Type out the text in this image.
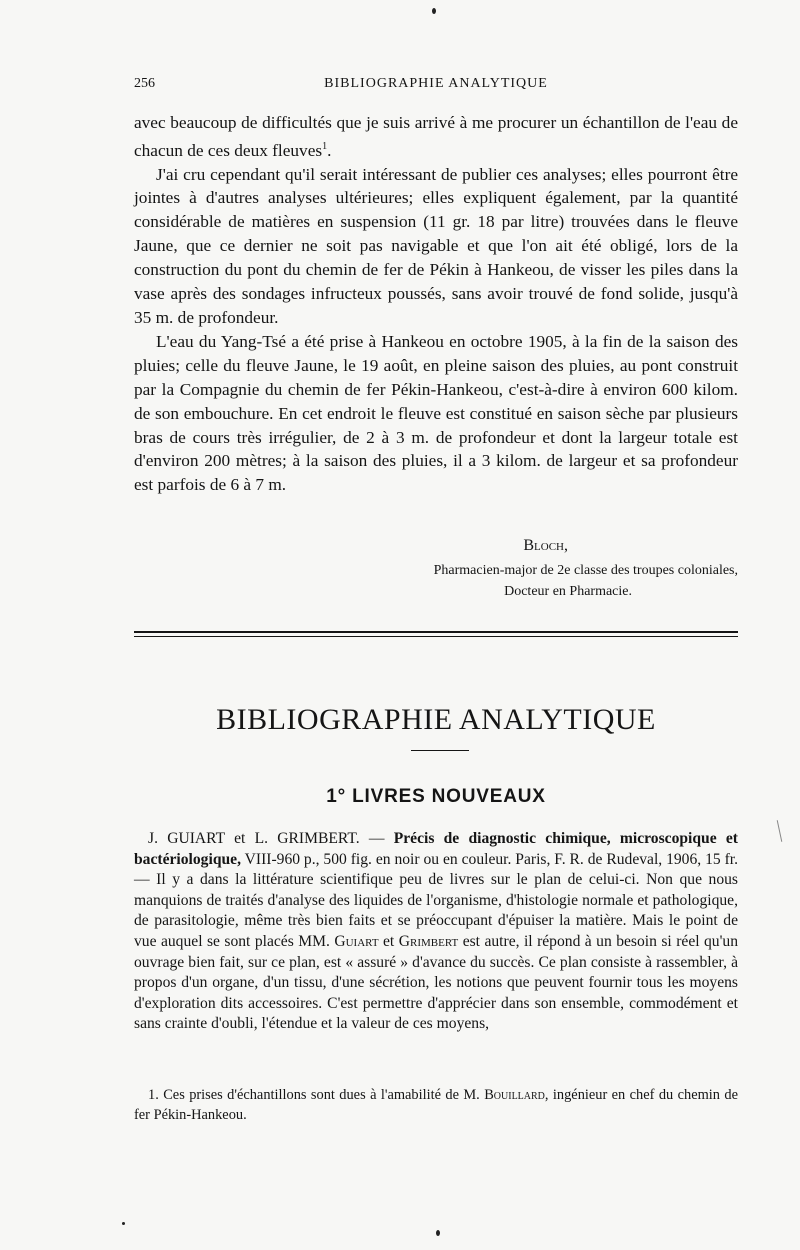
256	BIBLIOGRAPHIE ANALYTIQUE

avec beaucoup de difficultés que je suis arrivé à me procurer un échantillon de l'eau de chacun de ces deux fleuves$^1$.

J'ai cru cependant qu'il serait intéressant de publier ces analyses; elles pourront être jointes à d'autres analyses ultérieures; elles expliquent également, par la quantité considérable de matières en suspension (11 gr. 18 par litre) trouvées dans le fleuve Jaune, que ce dernier ne soit pas navigable et que l'on ait été obligé, lors de la construction du pont du chemin de fer de Pékin à Hankeou, de visser les piles dans la vase après des sondages infructeux poussés, sans avoir trouvé de fond solide, jusqu'à 35 m. de profondeur.

L'eau du Yang-Tsé a été prise à Hankeou en octobre 1905, à la fin de la saison des pluies; celle du fleuve Jaune, le 19 août, en pleine saison des pluies, au pont construit par la Compagnie du chemin de fer Pékin-Hankeou, c'est-à-dire à environ 600 kilom. de son embouchure. En cet endroit le fleuve est constitué en saison sèche par plusieurs bras de cours très irrégulier, de 2 à 3 m. de profondeur et dont la largeur totale est d'environ 200 mètres; à la saison des pluies, il a 3 kilom. de largeur et sa profondeur est parfois de 6 à 7 m.

Bloch,
Pharmacien-major de 2e classe des troupes coloniales,
Docteur en Pharmacie.
BIBLIOGRAPHIE ANALYTIQUE
1° LIVRES NOUVEAUX
J. GUIART et L. GRIMBERT. — Précis de diagnostic chimique, microscopique et bactériologique, VIII-960 p., 500 fig. en noir ou en couleur. Paris, F. R. de Rudeval, 1906, 15 fr. — Il y a dans la littérature scientifique peu de livres sur le plan de celui-ci. Non que nous manquions de traités d'analyse des liquides de l'organisme, d'histologie normale et pathologique, de parasitologie, même très bien faits et se préoccupant d'épuiser la matière. Mais le point de vue auquel se sont placés MM. Guiart et Grimbert est autre, il répond à un besoin si réel qu'un ouvrage bien fait, sur ce plan, est « assuré » d'avance du succès. Ce plan consiste à rassembler, à propos d'un organe, d'un tissu, d'une sécrétion, les notions que peuvent fournir tous les moyens d'exploration dits accessoires. C'est permettre d'apprécier dans son ensemble, commodément et sans crainte d'oubli, l'étendue et la valeur de ces moyens,
1. Ces prises d'échantillons sont dues à l'amabilité de M. Bouillard, ingénieur en chef du chemin de fer Pékin-Hankeou.
